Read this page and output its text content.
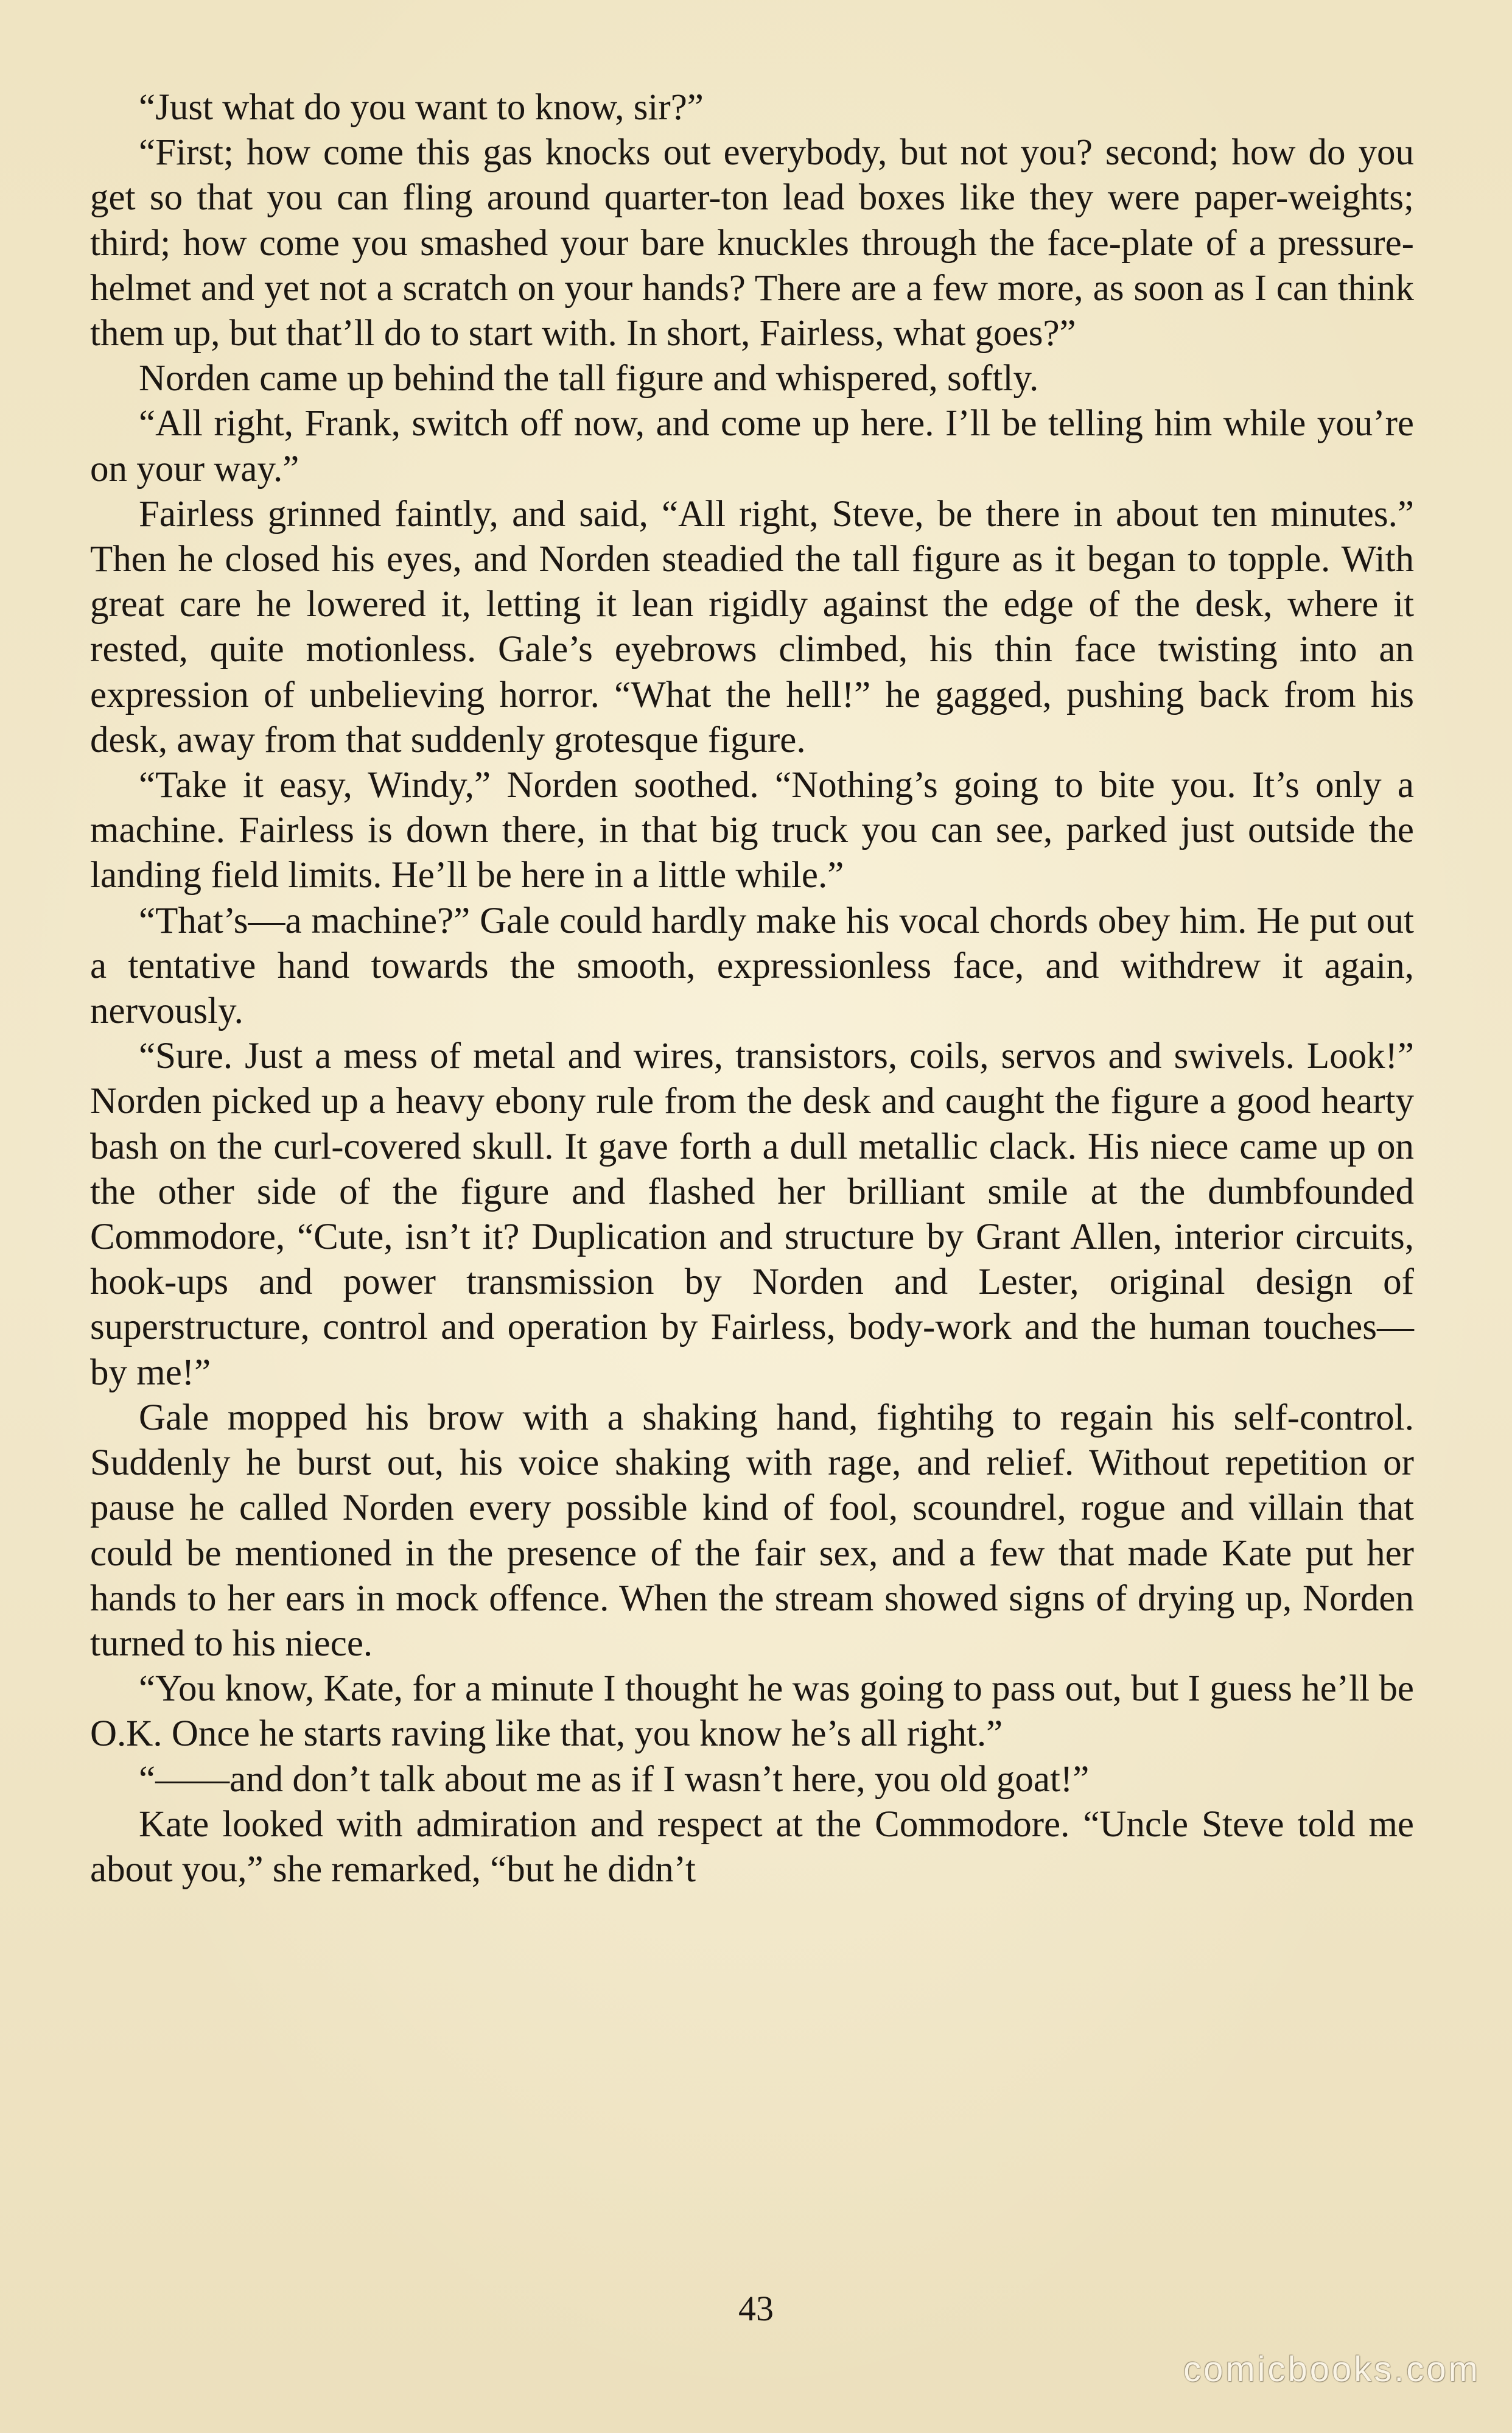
“Just what do you want to know, sir?”

“First; how come this gas knocks out everybody, but not you? second; how do you get so that you can fling around quarter-ton lead boxes like they were paper-weights; third; how come you smashed your bare knuckles through the face-plate of a pressure-helmet and yet not a scratch on your hands? There are a few more, as soon as I can think them up, but that’ll do to start with. In short, Fairless, what goes?”

Norden came up behind the tall figure and whispered, softly.

“All right, Frank, switch off now, and come up here. I’ll be telling him while you’re on your way.”

Fairless grinned faintly, and said, “All right, Steve, be there in about ten minutes.” Then he closed his eyes, and Norden steadied the tall figure as it began to topple. With great care he lowered it, letting it lean rigidly against the edge of the desk, where it rested, quite motionless. Gale’s eyebrows climbed, his thin face twisting into an expression of unbelieving horror. “What the hell!” he gagged, pushing back from his desk, away from that suddenly grotesque figure.

“Take it easy, Windy,” Norden soothed. “Nothing’s going to bite you. It’s only a machine. Fairless is down there, in that big truck you can see, parked just outside the landing field limits. He’ll be here in a little while.”

“That’s—a machine?” Gale could hardly make his vocal chords obey him. He put out a tentative hand towards the smooth, expressionless face, and withdrew it again, nervously.

“Sure. Just a mess of metal and wires, transistors, coils, servos and swivels. Look!” Norden picked up a heavy ebony rule from the desk and caught the figure a good hearty bash on the curl-covered skull. It gave forth a dull metallic clack. His niece came up on the other side of the figure and flashed her brilliant smile at the dumbfounded Commodore, “Cute, isn’t it? Duplication and structure by Grant Allen, interior circuits, hook-ups and power transmission by Norden and Lester, original design of superstructure, control and operation by Fairless, body-work and the human touches—by me!”

Gale mopped his brow with a shaking hand, fightihg to regain his self-control. Suddenly he burst out, his voice shaking with rage, and relief. Without repetition or pause he called Norden every possible kind of fool, scoundrel, rogue and villain that could be mentioned in the presence of the fair sex, and a few that made Kate put her hands to her ears in mock offence. When the stream showed signs of drying up, Norden turned to his niece.

“You know, Kate, for a minute I thought he was going to pass out, but I guess he’ll be O.K. Once he starts raving like that, you know he’s all right.”

“——and don’t talk about me as if I wasn’t here, you old goat!”

Kate looked with admiration and respect at the Commodore. “Uncle Steve told me about you,” she remarked, “but he didn’t

43
comicbooks.com
